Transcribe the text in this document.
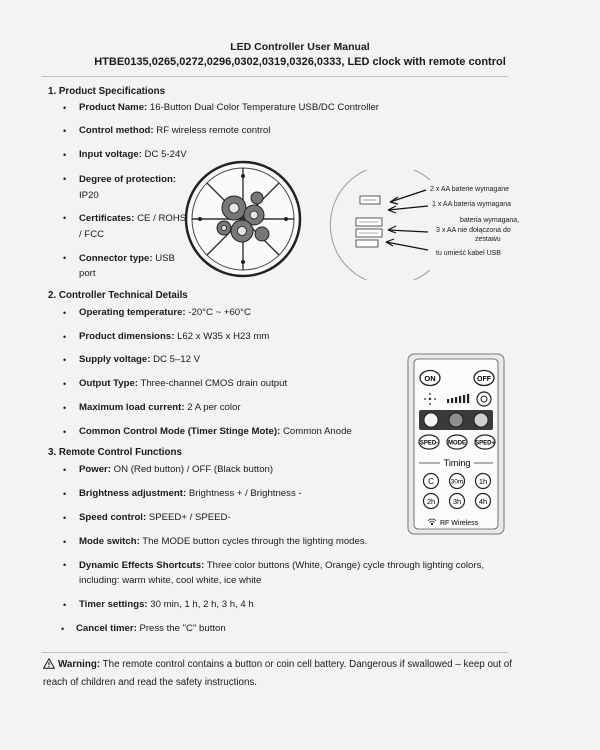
LED Controller User Manual
HTBE0135,0265,0272,0296,0302,0319,0326,0333, LED clock with remote control
1. Product Specifications
• Product Name: 16-Button Dual Color Temperature USB/DC Controller
• Control method: RF wireless remote control
• Input voltage: DC 5-24V
• Degree of protection:
IP20
• Certificates: CE / ROHS
/ FCC
• Connector type: USB
port
2 x AA baterie wymagane
1 x AA bateria wymagana
bateria wymagana,
3 x AA nie dołączona do
zestawu
tu umieść kabel USB
2. Controller Technical Details
• Operating temperature: -20°C ~ +60°C
• Product dimensions: L62 x W35 x H23 mm
• Supply voltage: DC 5–12 V
• Output Type: Three-channel CMOS drain output
• Maximum load current: 2 A per color
• Common Control Mode (Timer Stinge Mote): Common Anode
3. Remote Control Functions
• Power: ON (Red button) / OFF (Black button)
• Brightness adjustment: Brightness + / Brightness -
• Speed control: SPEED+ / SPEED-
• Mode switch: The MODE button cycles through the lighting modes.
• Dynamic Effects Shortcuts: Three color buttons (White, Orange) cycle through lighting colors,
including: warm white, cool white, ice white
• Timer settings: 30 min, 1 h, 2 h, 3 h, 4 h
• Cancel timer: Press the "C" button
ON	OFF
SPED- MODE SPED+
Timing
C	30m 1h
2h 3h 4h
RF Wireless
Warning: The remote control contains a button or coin cell battery. Dangerous if swallowed – keep out of reach of children and read the safety instructions.
